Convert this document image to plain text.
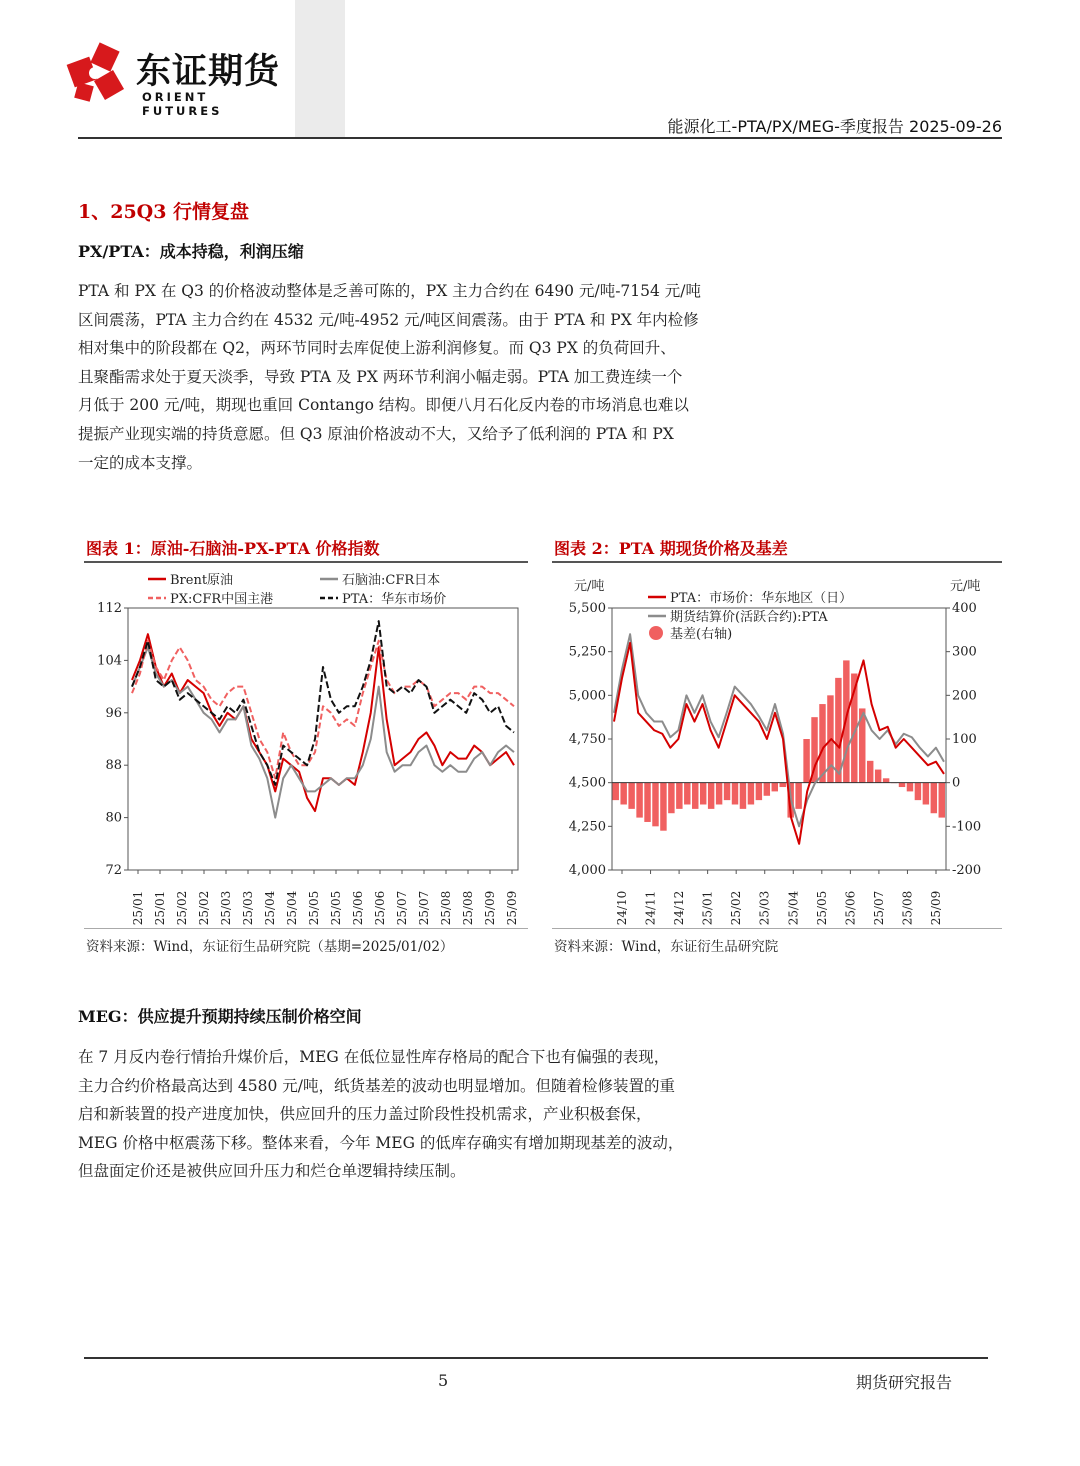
东证期货
ORIENT FUTURES
能源化工-PTA/PX/MEG-季度报告 2025-09-26
1、25Q3 行情复盘
PX/PTA：成本持稳，利润压缩
PTA 和 PX 在 Q3 的价格波动整体是乏善可陈的，PX 主力合约在 6490 元/吨-7154 元/吨
区间震荡，PTA 主力合约在 4532 元/吨-4952 元/吨区间震荡。由于 PTA 和 PX 年内检修
相对集中的阶段都在 Q2，两环节同时去库促使上游利润修复。而 Q3 PX 的负荷回升、
且聚酯需求处于夏天淡季，导致 PTA 及 PX 两环节利润小幅走弱。PTA 加工费连续一个
月低于 200 元/吨，期现也重回 Contango 结构。即便八月石化反内卷的市场消息也难以
提振产业现实端的持货意愿。但 Q3 原油价格波动不大，又给予了低利润的 PTA 和 PX
一定的成本支撑。
图表 1：原油-石脑油-PX-PTA 价格指数
112
104
96
88
80
72
25/01 25/01 25/02 25/02 25/03 25/03 25/04 25/04 25/05 25/05 25/06 25/06 25/07 25/07 25/08 25/08 25/09 25/09
Brent原油	石脑油:CFR日本
PX:CFR中国主港	PTA：华东市场价
资料来源：Wind，东证衍生品研究院（基期=2025/01/02）
图表 2：PTA 期现货价格及基差
元/吨	元/吨
5,500
5,250
5,000
4,750
4,500
4,250
4,000
400
300
200
100
0
-100
-200
24/10 24/11 24/12 25/01 25/02 25/03 25/04 25/05 25/06 25/07 25/08 25/09
PTA：市场价：华东地区（日）
期货结算价(活跃合约):PTA
基差(右轴)
资料来源：Wind，东证衍生品研究院
MEG：供应提升预期持续压制价格空间
在 7 月反内卷行情抬升煤价后，MEG 在低位显性库存格局的配合下也有偏强的表现，
主力合约价格最高达到 4580 元/吨，纸货基差的波动也明显增加。但随着检修装置的重
启和新装置的投产进度加快，供应回升的压力盖过阶段性投机需求，产业积极套保，
MEG 价格中枢震荡下移。整体来看，今年 MEG 的低库存确实有增加期现基差的波动，
但盘面定价还是被供应回升压力和烂仓单逻辑持续压制。
5	期货研究报告
